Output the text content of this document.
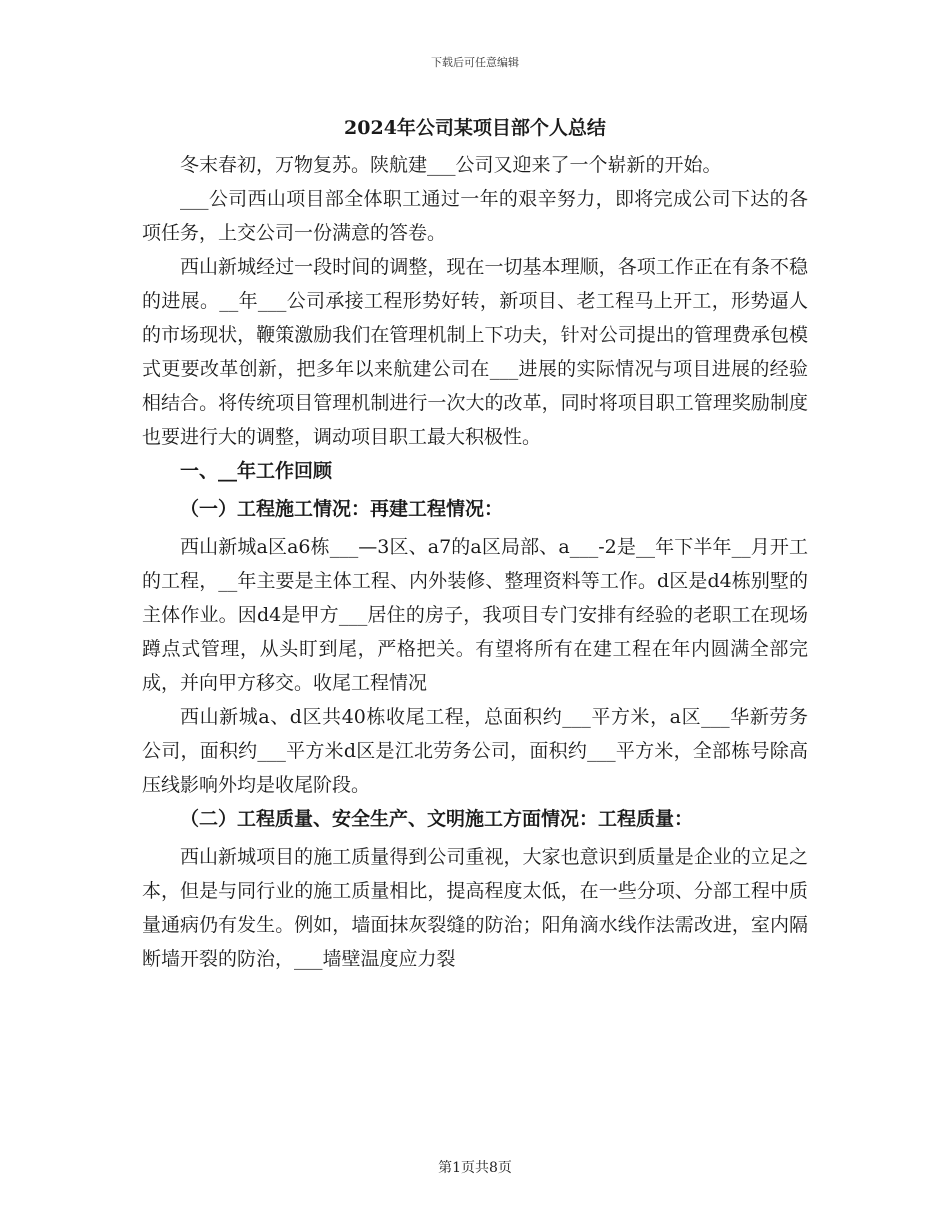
下载后可任意编辑
2024年公司某项目部个人总结

冬末春初，万物复苏。陕航建___公司又迎来了一个崭新的开始。

___公司西山项目部全体职工通过一年的艰辛努力，即将完成公司下达的各项任务，上交公司一份满意的答卷。

西山新城经过一段时间的调整，现在一切基本理顺，各项工作正在有条不稳的进展。__年___公司承接工程形势好转，新项目、老工程马上开工，形势逼人的市场现状，鞭策激励我们在管理机制上下功夫，针对公司提出的管理费承包模式更要改革创新，把多年以来航建公司在___进展的实际情况与项目进展的经验相结合。将传统项目管理机制进行一次大的改革，同时将项目职工管理奖励制度也要进行大的调整，调动项目职工最大积极性。

一、__年工作回顾

（一）工程施工情况：再建工程情况：

西山新城a区a6栋___—3区、a7的a区局部、a___-2是__年下半年__月开工的工程，__年主要是主体工程、内外装修、整理资料等工作。d区是d4栋别墅的主体作业。因d4是甲方___居住的房子，我项目专门安排有经验的老职工在现场蹲点式管理，从头盯到尾，严格把关。有望将所有在建工程在年内圆满全部完成，并向甲方移交。收尾工程情况

西山新城a、d区共40栋收尾工程，总面积约___平方米，a区___华新劳务公司，面积约___平方米d区是江北劳务公司，面积约___平方米，全部栋号除高压线影响外均是收尾阶段。

（二）工程质量、安全生产、文明施工方面情况：工程质量：

西山新城项目的施工质量得到公司重视，大家也意识到质量是企业的立足之本，但是与同行业的施工质量相比，提高程度太低，在一些分项、分部工程中质量通病仍有发生。例如，墙面抹灰裂缝的防治；阳角滴水线作法需改进，室内隔断墙开裂的防治，___墙壁温度应力裂

第1页共8页
